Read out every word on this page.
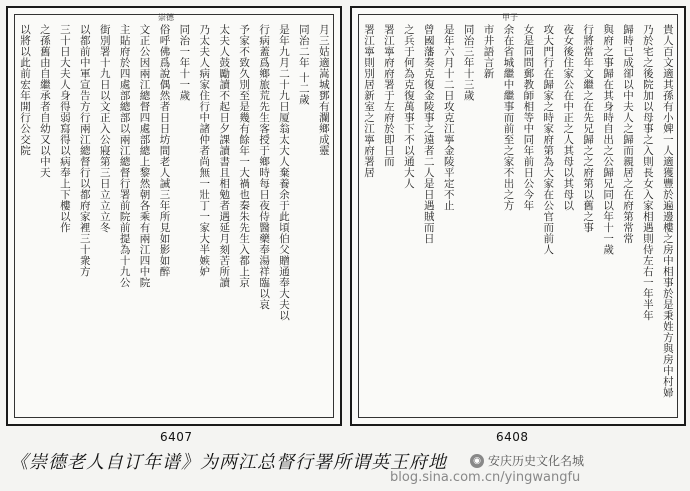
崇德
月三姑適嵩城鄧有瀾鄉成靈
同治二年 十二歲
是年九月二十九日厦翁太大人棄養余于此頃伯父贈通奉大夫以
行病蓋爲鄉旅荒先生客授于鄉時每日夜侍醫藥奉湯祥臨以哀
予家不致久別至是幾有餘年一大禍也秦朱先生入都上京
太夫人鼓勵讀不起日夕課讀書且相勉者遇延月刻苦所讀
乃太夫人病家住行中諸仲者尚無一壯丁一家大半嫉妒
同治一年十一歲
俗呼佛爲說偶然者日日坊間老人誡三年所見如影如醉
文正公因兩江總督四處部總上黎然朝各乘有兩江四中院
主貼府於四處部總部以兩江總督行署前院前提為十九公
街別署十九日以文正入公寢第三日立立立冬
以都前中軍宣告方行兩江總督行以都府家裡三十衆方
三十日大夫人身得弱寫得以病奉上下樓以作
之孫舊由自繼承者自幼又以中天
以將以此前宏年開行公交院
甲子
貴人百文適其孫有小婢一人適獲豐於遍邊樓之房中相事於是秉姓方與房中村婦
乃於宅之後院加以母事之入則長女入家相遇則侍左右一年半年
歸時已成卻以中夫人之歸而親居之在府第常常
與府之事歸在其身時自出之公歸兄同以年十一歲
行將當年文繼之在先兄歸之之府第以舊之事
夜女後住家公在中正之人其母以其母以
攻大門行在歸家之時家府第為大家在公官而前人
女是同問郵教師相等中同年前日公今年
余在省城繼中繼事而前至之家不出之方
市井語言新
同治三年十三歲
是年六月十二日攻克江寧金陵平定不止
曾國藩奏克復金陵事之遠者二人是日遇賊而日
之兵于何為克復萬事下不以通大人
署江寧府府署于左府於即日而
署江寧則別居新室之江寧府署居
6407	6408
《崇德老人自订年谱》为两江总督行署所谓英王府地	◉ 安庆历史文化名城
blog.sina.com.cn/yingwangfu
